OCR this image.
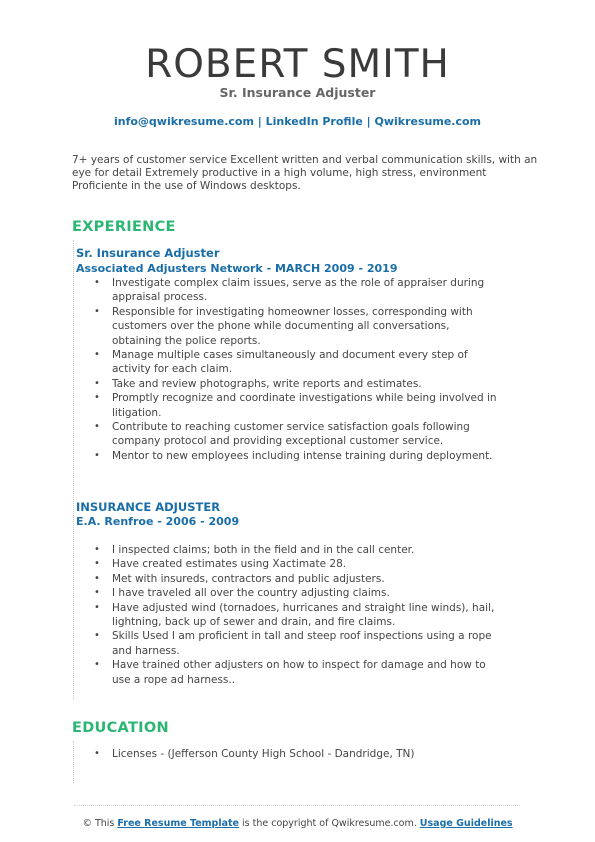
ROBERT SMITH
Sr. Insurance Adjuster
info@qwikresume.com | LinkedIn Profile | Qwikresume.com
7+ years of customer service Excellent written and verbal communication skills, with an eye for detail Extremely productive in a high volume, high stress, environment Proficiente in the use of Windows desktops.
EXPERIENCE
Sr. Insurance Adjuster
Associated Adjusters Network - MARCH 2009 - 2019
• Investigate complex claim issues, serve as the role of appraiser during appraisal process.
• Responsible for investigating homeowner losses, corresponding with customers over the phone while documenting all conversations, obtaining the police reports.
• Manage multiple cases simultaneously and document every step of activity for each claim.
• Take and review photographs, write reports and estimates.
• Promptly recognize and coordinate investigations while being involved in litigation.
• Contribute to reaching customer service satisfaction goals following company protocol and providing exceptional customer service.
• Mentor to new employees including intense training during deployment.
INSURANCE ADJUSTER
E.A. Renfroe - 2006 - 2009
• I inspected claims; both in the field and in the call center.
• Have created estimates using Xactimate 28.
• Met with insureds, contractors and public adjusters.
• I have traveled all over the country adjusting claims.
• Have adjusted wind (tornadoes, hurricanes and straight line winds), hail, lightning, back up of sewer and drain, and fire claims.
• Skills Used I am proficient in tall and steep roof inspections using a rope and harness.
• Have trained other adjusters on how to inspect for damage and how to use a rope ad harness..
EDUCATION
• Licenses - (Jefferson County High School - Dandridge, TN)
© This Free Resume Template is the copyright of Qwikresume.com. Usage Guidelines
